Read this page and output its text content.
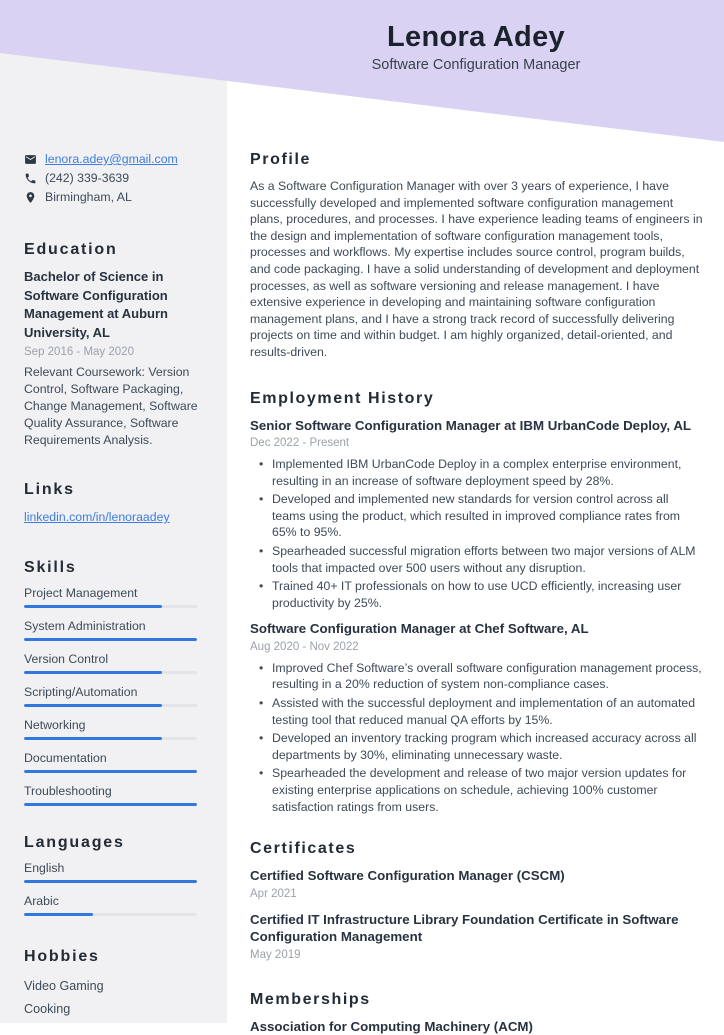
lenora.adey@gmail.com
(242) 339-3639
Birmingham, AL
Education
Bachelor of Science in Software Configuration Management at Auburn University, AL
Sep 2016 - May 2020
Relevant Coursework: Version Control, Software Packaging, Change Management, Software Quality Assurance, Software Requirements Analysis.
Links
linkedin.com/in/lenoraadey
Skills
Project Management
System Administration
Version Control
Scripting/Automation
Networking
Documentation
Troubleshooting
Languages
English
Arabic
Hobbies
Video Gaming
Cooking
Lenora Adey
Software Configuration Manager
Profile

As a Software Configuration Manager with over 3 years of experience, I have successfully developed and implemented software configuration management plans, procedures, and processes. I have experience leading teams of engineers in the design and implementation of software configuration management tools, processes and workflows. My expertise includes source control, program builds, and code packaging. I have a solid understanding of development and deployment processes, as well as software versioning and release management. I have extensive experience in developing and maintaining software configuration management plans, and I have a strong track record of successfully delivering projects on time and within budget. I am highly organized, detail-oriented, and results-driven.

Employment History
Senior Software Configuration Manager at IBM UrbanCode Deploy, AL
Dec 2022 - Present
• Implemented IBM UrbanCode Deploy in a complex enterprise environment, resulting in an increase of software deployment speed by 28%.
• Developed and implemented new standards for version control across all teams using the product, which resulted in improved compliance rates from 65% to 95%.
• Spearheaded successful migration efforts between two major versions of ALM tools that impacted over 500 users without any disruption.
• Trained 40+ IT professionals on how to use UCD efficiently, increasing user productivity by 25%.
Software Configuration Manager at Chef Software, AL
Aug 2020 - Nov 2022
• Improved Chef Software’s overall software configuration management process, resulting in a 20% reduction of system non-compliance cases.
• Assisted with the successful deployment and implementation of an automated testing tool that reduced manual QA efforts by 15%.
• Developed an inventory tracking program which increased accuracy across all departments by 30%, eliminating unnecessary waste.
• Spearheaded the development and release of two major version updates for existing enterprise applications on schedule, achieving 100% customer satisfaction ratings from users.
Certificates
Certified Software Configuration Manager (CSCM)
Apr 2021
Certified IT Infrastructure Library Foundation Certificate in Software Configuration Management
May 2019
Memberships
Association for Computing Machinery (ACM)
